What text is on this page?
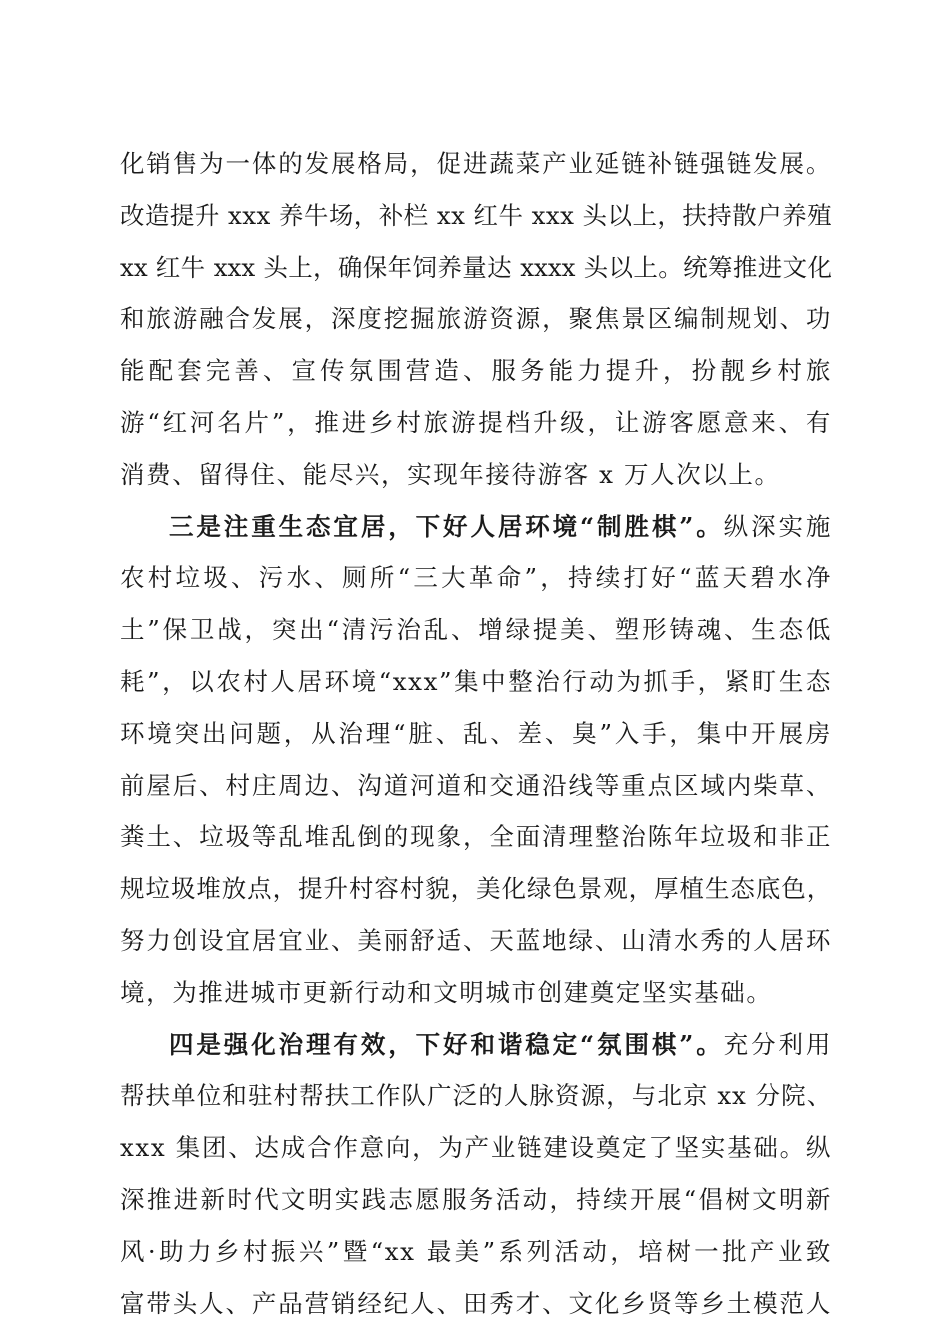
化销售为一体的发展格局，促进蔬菜产业延链补链强链发展。
改造提升 xxx 养牛场，补栏 xx 红牛 xxx 头以上，扶持散户养殖
xx 红牛 xxx 头上，确保年饲养量达 xxxx 头以上。统筹推进文化
和旅游融合发展，深度挖掘旅游资源，聚焦景区编制规划、功
能配套完善、宣传氛围营造、服务能力提升，扮靓乡村旅
游“红河名片”，推进乡村旅游提档升级，让游客愿意来、有
消费、留得住、能尽兴，实现年接待游客 x 万人次以上。
三是注重生态宜居，下好人居环境“制胜棋”。纵深实施
农村垃圾、污水、厕所“三大革命”，持续打好“蓝天碧水净
土”保卫战，突出“清污治乱、增绿提美、塑形铸魂、生态低
耗”，以农村人居环境“xxx”集中整治行动为抓手，紧盯生态
环境突出问题，从治理“脏、乱、差、臭”入手，集中开展房
前屋后、村庄周边、沟道河道和交通沿线等重点区域内柴草、
粪土、垃圾等乱堆乱倒的现象，全面清理整治陈年垃圾和非正
规垃圾堆放点，提升村容村貌，美化绿色景观，厚植生态底色，
努力创设宜居宜业、美丽舒适、天蓝地绿、山清水秀的人居环
境，为推进城市更新行动和文明城市创建奠定坚实基础。
四是强化治理有效，下好和谐稳定“氛围棋”。充分利用
帮扶单位和驻村帮扶工作队广泛的人脉资源，与北京 xx 分院、
xxx 集团、达成合作意向，为产业链建设奠定了坚实基础。纵
深推进新时代文明实践志愿服务活动，持续开展“倡树文明新
风·助力乡村振兴”暨“xx 最美”系列活动，培树一批产业致
富带头人、产品营销经纪人、田秀才、文化乡贤等乡土模范人
